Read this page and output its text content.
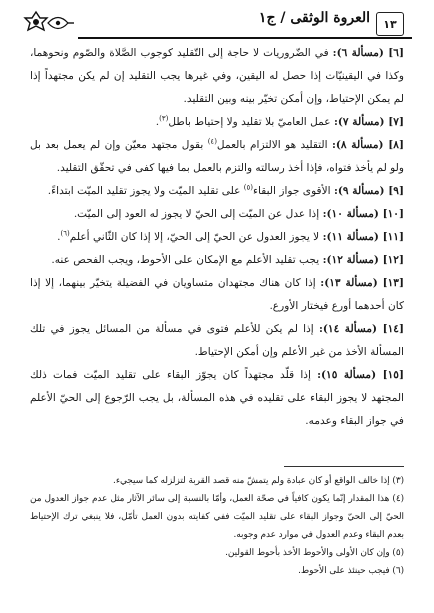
١٣
العروة الوثقى / ج١

[٦] (مسألة ٦): في الضّروريات لا حاجة إلى التّقليد كوجوب الصَّلاة والصّوم ونحوهما، وكذا في اليقينيّات إذا حصل له اليقين، وفي غيرها يجب التقليد إن لم يكن مجتهداً إذا لم يمكن الإحتياط، وإن أمكن تخيّر بينه وبين التقليد.

[٧] (مسألة ٧): عمل العاميّ بلا تقليد ولا إحتياط باطل$^{(٣)}$.

[٨] (مسألة ٨): التقليد هو الالتزام بالعمل$^{(٤)}$ بقول مجتهد معيّن وإن لم يعمل بعد بل ولو لم يأخذ فتواه، فإذا أخذ رسالته والتزم بالعمل بما فيها كفى في تحقّق التقليد.

[٩] (مسألة ٩): الأقوى جواز البقاء$^{(٥)}$ على تقليد الميّت ولا يجوز تقليد الميّت ابتداءً.

[١٠] (مسألة ١٠): إذا عدل عن الميّت إلى الحيّ لا يجوز له العود إلى الميّت.

[١١] (مسألة ١١): لا يجوز العدول عن الحيّ إلى الحيّ، إلا إذا كان الثّاني أعلم$^{(٦)}$.

[١٢] (مسألة ١٢): يجب تقليد الأعلم مع الإمكان على الأحوط، ويجب الفحص عنه.

[١٣] (مسألة ١٣): إذا كان هناك مجتهدان متساويان في الفضيلة يتخيّر بينهما، إلا إذا كان أحدهما أورع فيختار الأورع.

[١٤] (مسألة ١٤): إذا لم يكن للأعلم فتوى في مسألة من المسائل يجوز في تلك المسألة الأخذ من غير الأعلم وإن أمكن الإحتياط.

[١٥] (مسألة ١٥): إذا قلّد مجتهداً كان يجوّز البقاء على تقليد الميّت فمات ذلك المجتهد لا يجوز البقاء على تقليده في هذه المسألة، بل يجب الرّجوع إلى الحيّ الأعلم في جواز البقاء وعدمه.

(٣) إذا خالف الواقع أو كان عبادة ولم يتمشّ منه قصد القربة لتزلزله كما سيجيء.

(٤) هذا المقدار إنّما يكون كافياً في صحّة العمل، وأمّا بالنسبة إلى سائر الآثار مثل عدم جواز العدول من الحيّ إلى الحيّ وجواز البقاء على تقليد الميّت ففي كفايته بدون العمل تأمّل، فلا ينبغي ترك الإحتياط بعدم البقاء وعدم العدول في موارد عدم وجوبه.

(٥) وإن كان الأولى والأحوط الأخذ بأحوط القولين.

(٦) فيجب حينئذ على الأحوط.
